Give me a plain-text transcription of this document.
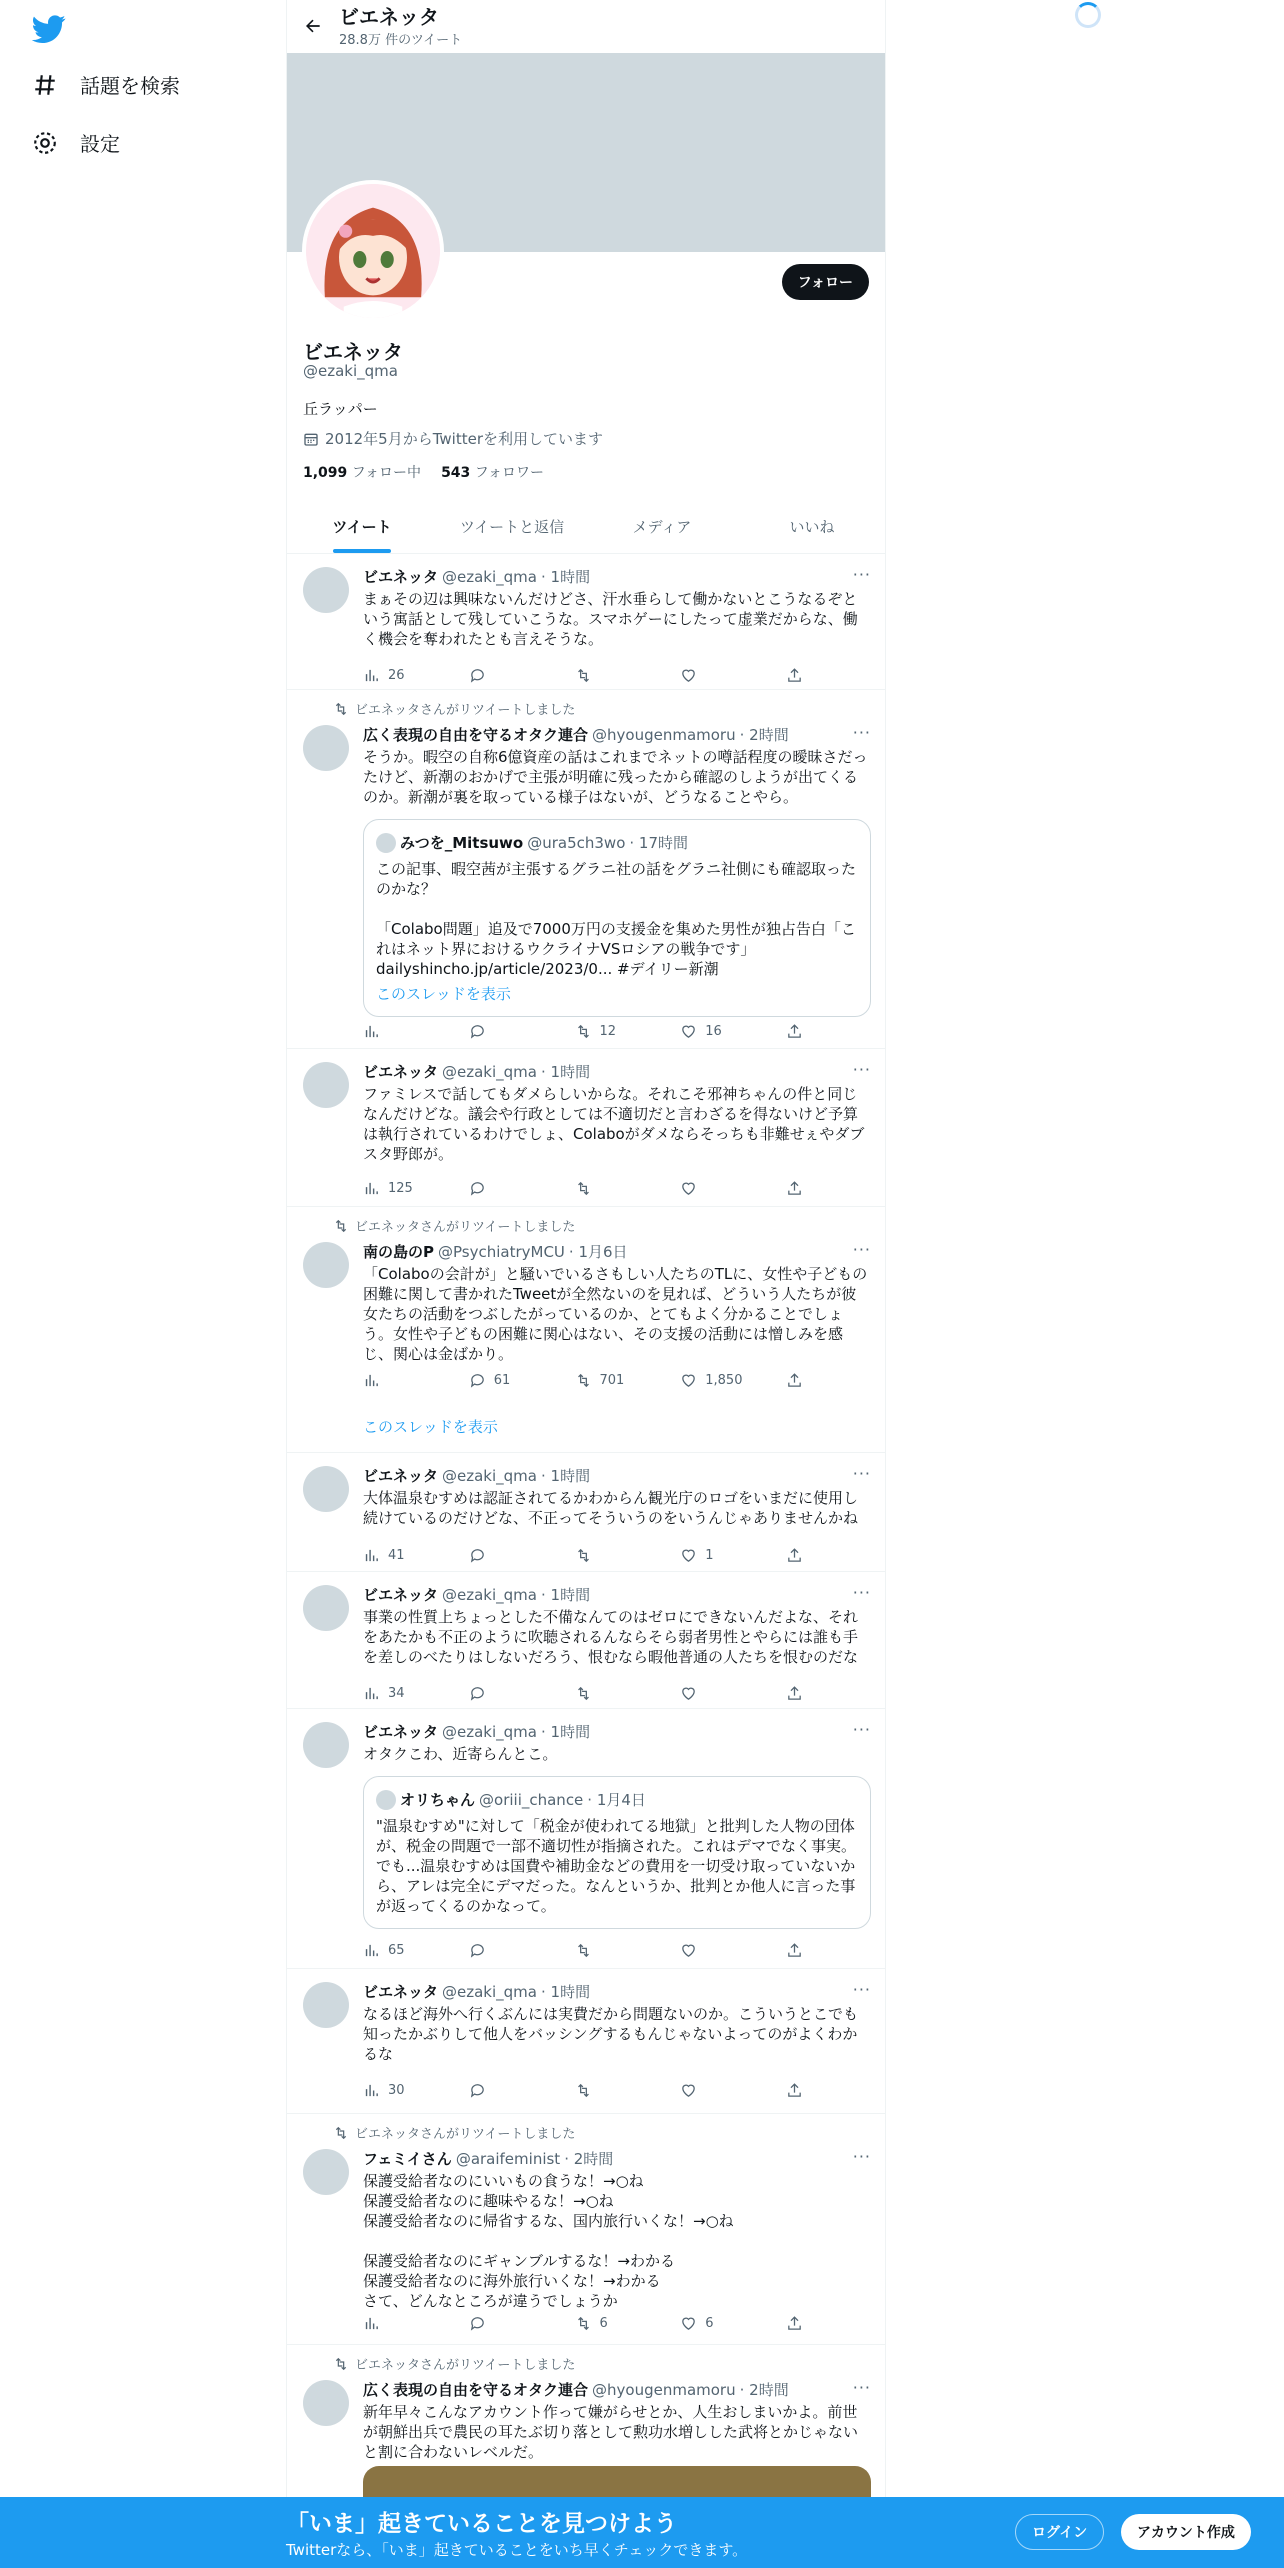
話題を検索
設定
ビエネッタ
28.8万 件のツイート
フォロー
ビエネッタ
@ezaki_qma
丘ラッパー
2012年5月からTwitterを利用しています
1,099 フォロー中 543 フォロワー
ツイート	ツイートと返信	メディア	いいね
···
ビエネッタ @ezaki_qma · 1時間
まぁその辺は興味ないんだけどさ、汗水垂らして働かないとこうなるぞという寓話として残していこうな。スマホゲーにしたって虚業だからな、働く機会を奪われたとも言えそうな。
26
ビエネッタさんがリツイートしました
···
広く表現の自由を守るオタク連合 @hyougenmamoru · 2時間
そうか。暇空の自称6億資産の話はこれまでネットの噂話程度の曖昧さだったけど、新潮のおかげで主張が明確に残ったから確認のしようが出てくるのか。新潮が裏を取っている様子はないが、どうなることやら。
みつを_Mitsuwo @ura5ch3wo · 17時間
この記事、暇空茜が主張するグラニ社の話をグラニ社側にも確認取ったのかな？

「Colabo問題」追及で7000万円の支援金を集めた男性が独占告白「これはネット界におけるウクライナVSロシアの戦争です」
dailyshincho.jp/article/2023/0... #デイリー新潮
このスレッドを表示
12	16
···
ビエネッタ @ezaki_qma · 1時間
ファミレスで話してもダメらしいからな。それこそ邪神ちゃんの件と同じなんだけどな。議会や行政としては不適切だと言わざるを得ないけど予算は執行されているわけでしょ、Colaboがダメならそっちも非難せぇやダブスタ野郎が。
125
ビエネッタさんがリツイートしました
···
南の島のP @PsychiatryMCU · 1月6日
「Colaboの会計が」と騒いでいるさもしい人たちのTLに、女性や子どもの困難に関して書かれたTweetが全然ないのを見れば、どういう人たちが彼女たちの活動をつぶしたがっているのか、とてもよく分かることでしょう。女性や子どもの困難に関心はない、その支援の活動には憎しみを感じ、関心は金ばかり。
61	701	1,850
このスレッドを表示
···
ビエネッタ @ezaki_qma · 1時間
大体温泉むすめは認証されてるかわからん観光庁のロゴをいまだに使用し続けているのだけどな、不正ってそういうのをいうんじゃありませんかね
41	1
···
ビエネッタ @ezaki_qma · 1時間
事業の性質上ちょっとした不備なんてのはゼロにできないんだよな、それをあたかも不正のように吹聴されるんならそら弱者男性とやらには誰も手を差しのべたりはしないだろう、恨むなら暇他普通の人たちを恨むのだな
34
···
ビエネッタ @ezaki_qma · 1時間
オタクこわ、近寄らんとこ。
オリちゃん @oriii_chance · 1月4日
"温泉むすめ"に対して「税金が使われてる地獄」と批判した人物の団体が、税金の問題で一部不適切性が指摘された。これはデマでなく事実。でも...温泉むすめは国費や補助金などの費用を一切受け取っていないから、アレは完全にデマだった。なんというか、批判とか他人に言った事が返ってくるのかなって。
65
···
ビエネッタ @ezaki_qma · 1時間
なるほど海外へ行くぶんには実費だから問題ないのか。こういうとこでも知ったかぶりして他人をバッシングするもんじゃないよってのがよくわかるな
30
ビエネッタさんがリツイートしました
···
フェミイさん @araifeminist · 2時間
保護受給者なのにいいもの食うな！→○ね
保護受給者なのに趣味やるな！→○ね
保護受給者なのに帰省するな、国内旅行いくな！→○ね

保護受給者なのにギャンブルするな！→わかる
保護受給者なのに海外旅行いくな！→わかる
さて、どんなところが違うでしょうか
6	6
ビエネッタさんがリツイートしました
···
広く表現の自由を守るオタク連合 @hyougenmamoru · 2時間
新年早々こんなアカウント作って嫌がらせとか、人生おしまいかよ。前世が朝鮮出兵で農民の耳たぶ切り落として勲功水増しした武将とかじゃないと割に合わないレベルだ。
「いま」起きていることを見つけよう
Twitterなら、「いま」起きていることをいち早くチェックできます。
ログイン	アカウント作成
